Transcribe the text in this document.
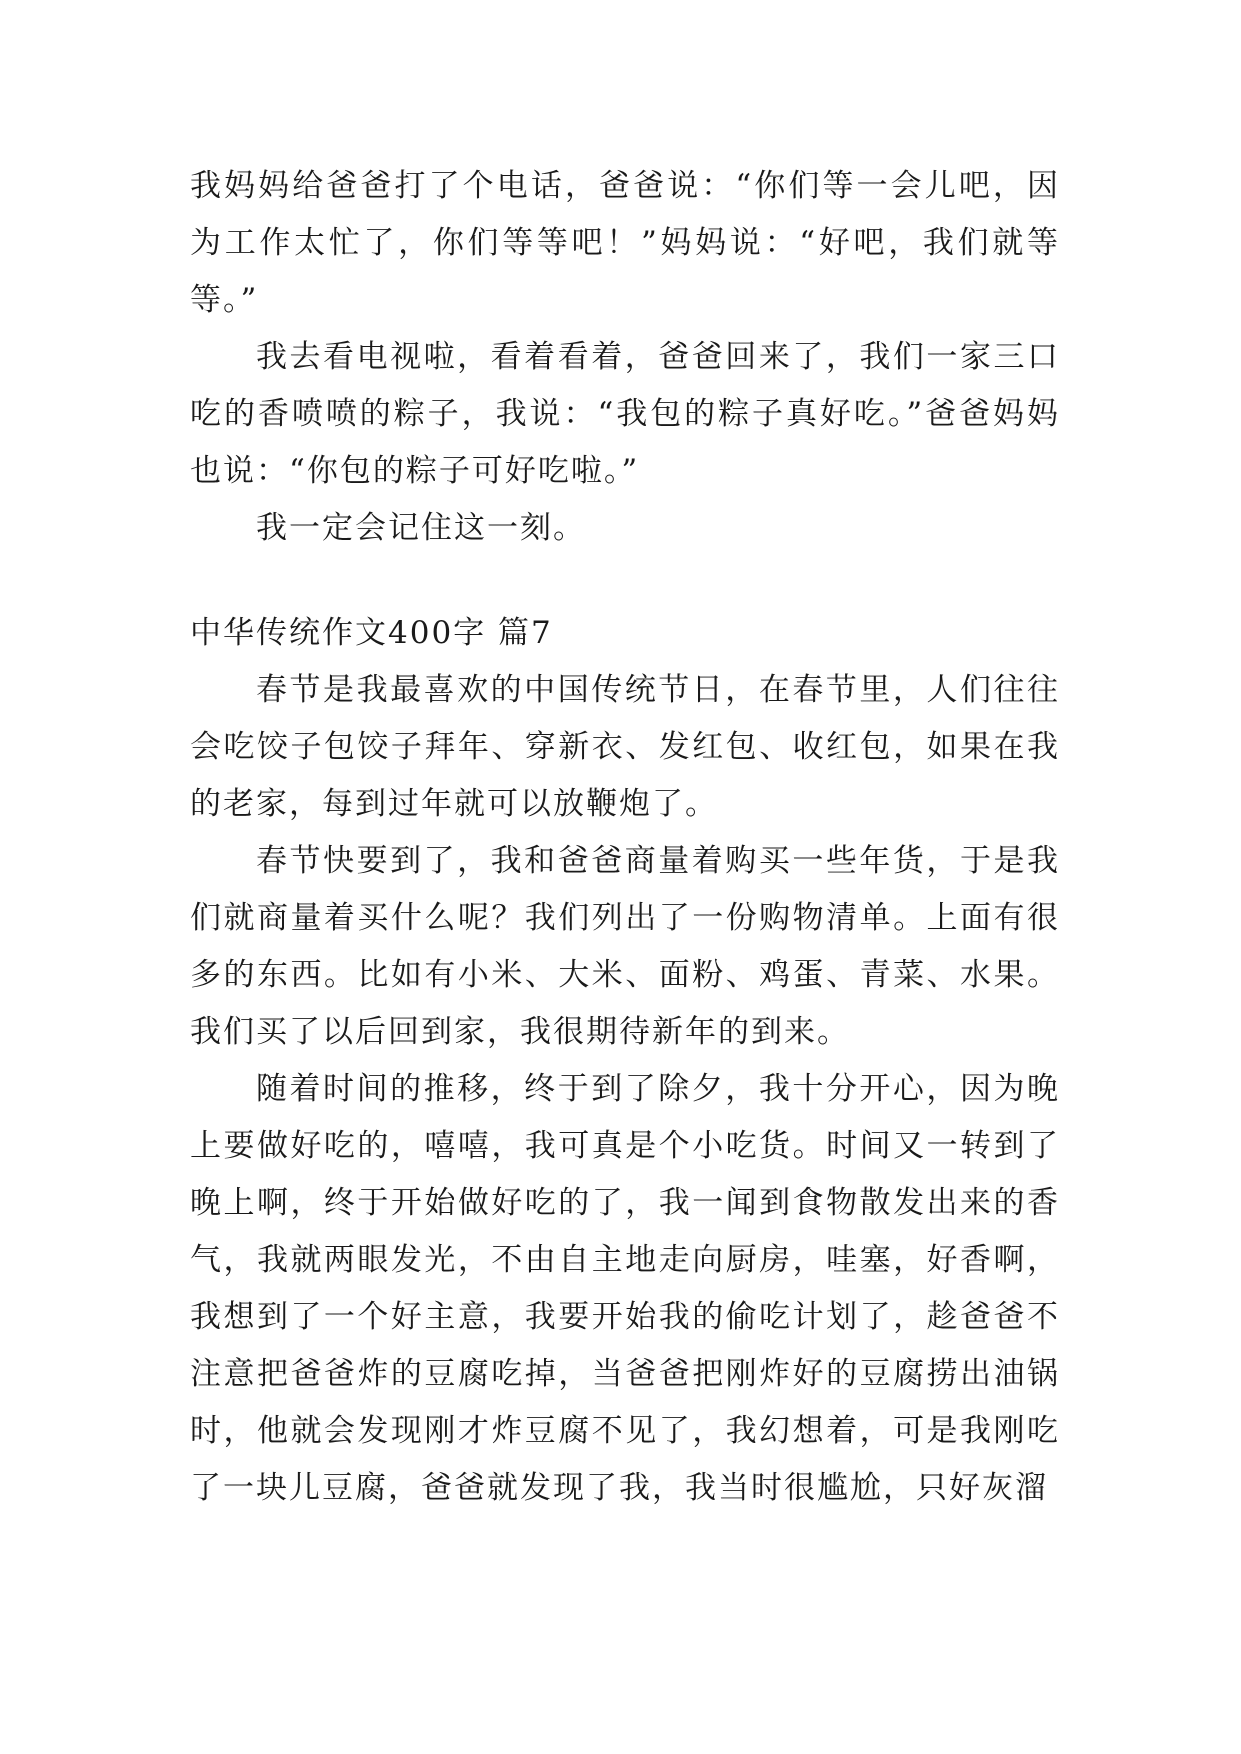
我妈妈给爸爸打了个电话，爸爸说：“你们等一会儿吧，因为工作太忙了，你们等等吧！”妈妈说：“好吧，我们就等等。”

我去看电视啦，看着看着，爸爸回来了，我们一家三口吃的香喷喷的粽子，我说：“我包的粽子真好吃。”爸爸妈妈也说：“你包的粽子可好吃啦。”

我一定会记住这一刻。

中华传统作文400字 篇7

春节是我最喜欢的中国传统节日，在春节里，人们往往会吃饺子包饺子拜年、穿新衣、发红包、收红包，如果在我的老家，每到过年就可以放鞭炮了。

春节快要到了，我和爸爸商量着购买一些年货，于是我们就商量着买什么呢？我们列出了一份购物清单。上面有很多的东西。比如有小米、大米、面粉、鸡蛋、青菜、水果。我们买了以后回到家，我很期待新年的到来。

随着时间的推移，终于到了除夕，我十分开心，因为晚上要做好吃的，嘻嘻，我可真是个小吃货。时间又一转到了晚上啊，终于开始做好吃的了，我一闻到食物散发出来的香气，我就两眼发光，不由自主地走向厨房，哇塞，好香啊，我想到了一个好主意，我要开始我的偷吃计划了，趁爸爸不注意把爸爸炸的豆腐吃掉，当爸爸把刚炸好的豆腐捞出油锅时，他就会发现刚才炸豆腐不见了，我幻想着，可是我刚吃了一块儿豆腐，爸爸就发现了我，我当时很尴尬，只好灰溜
